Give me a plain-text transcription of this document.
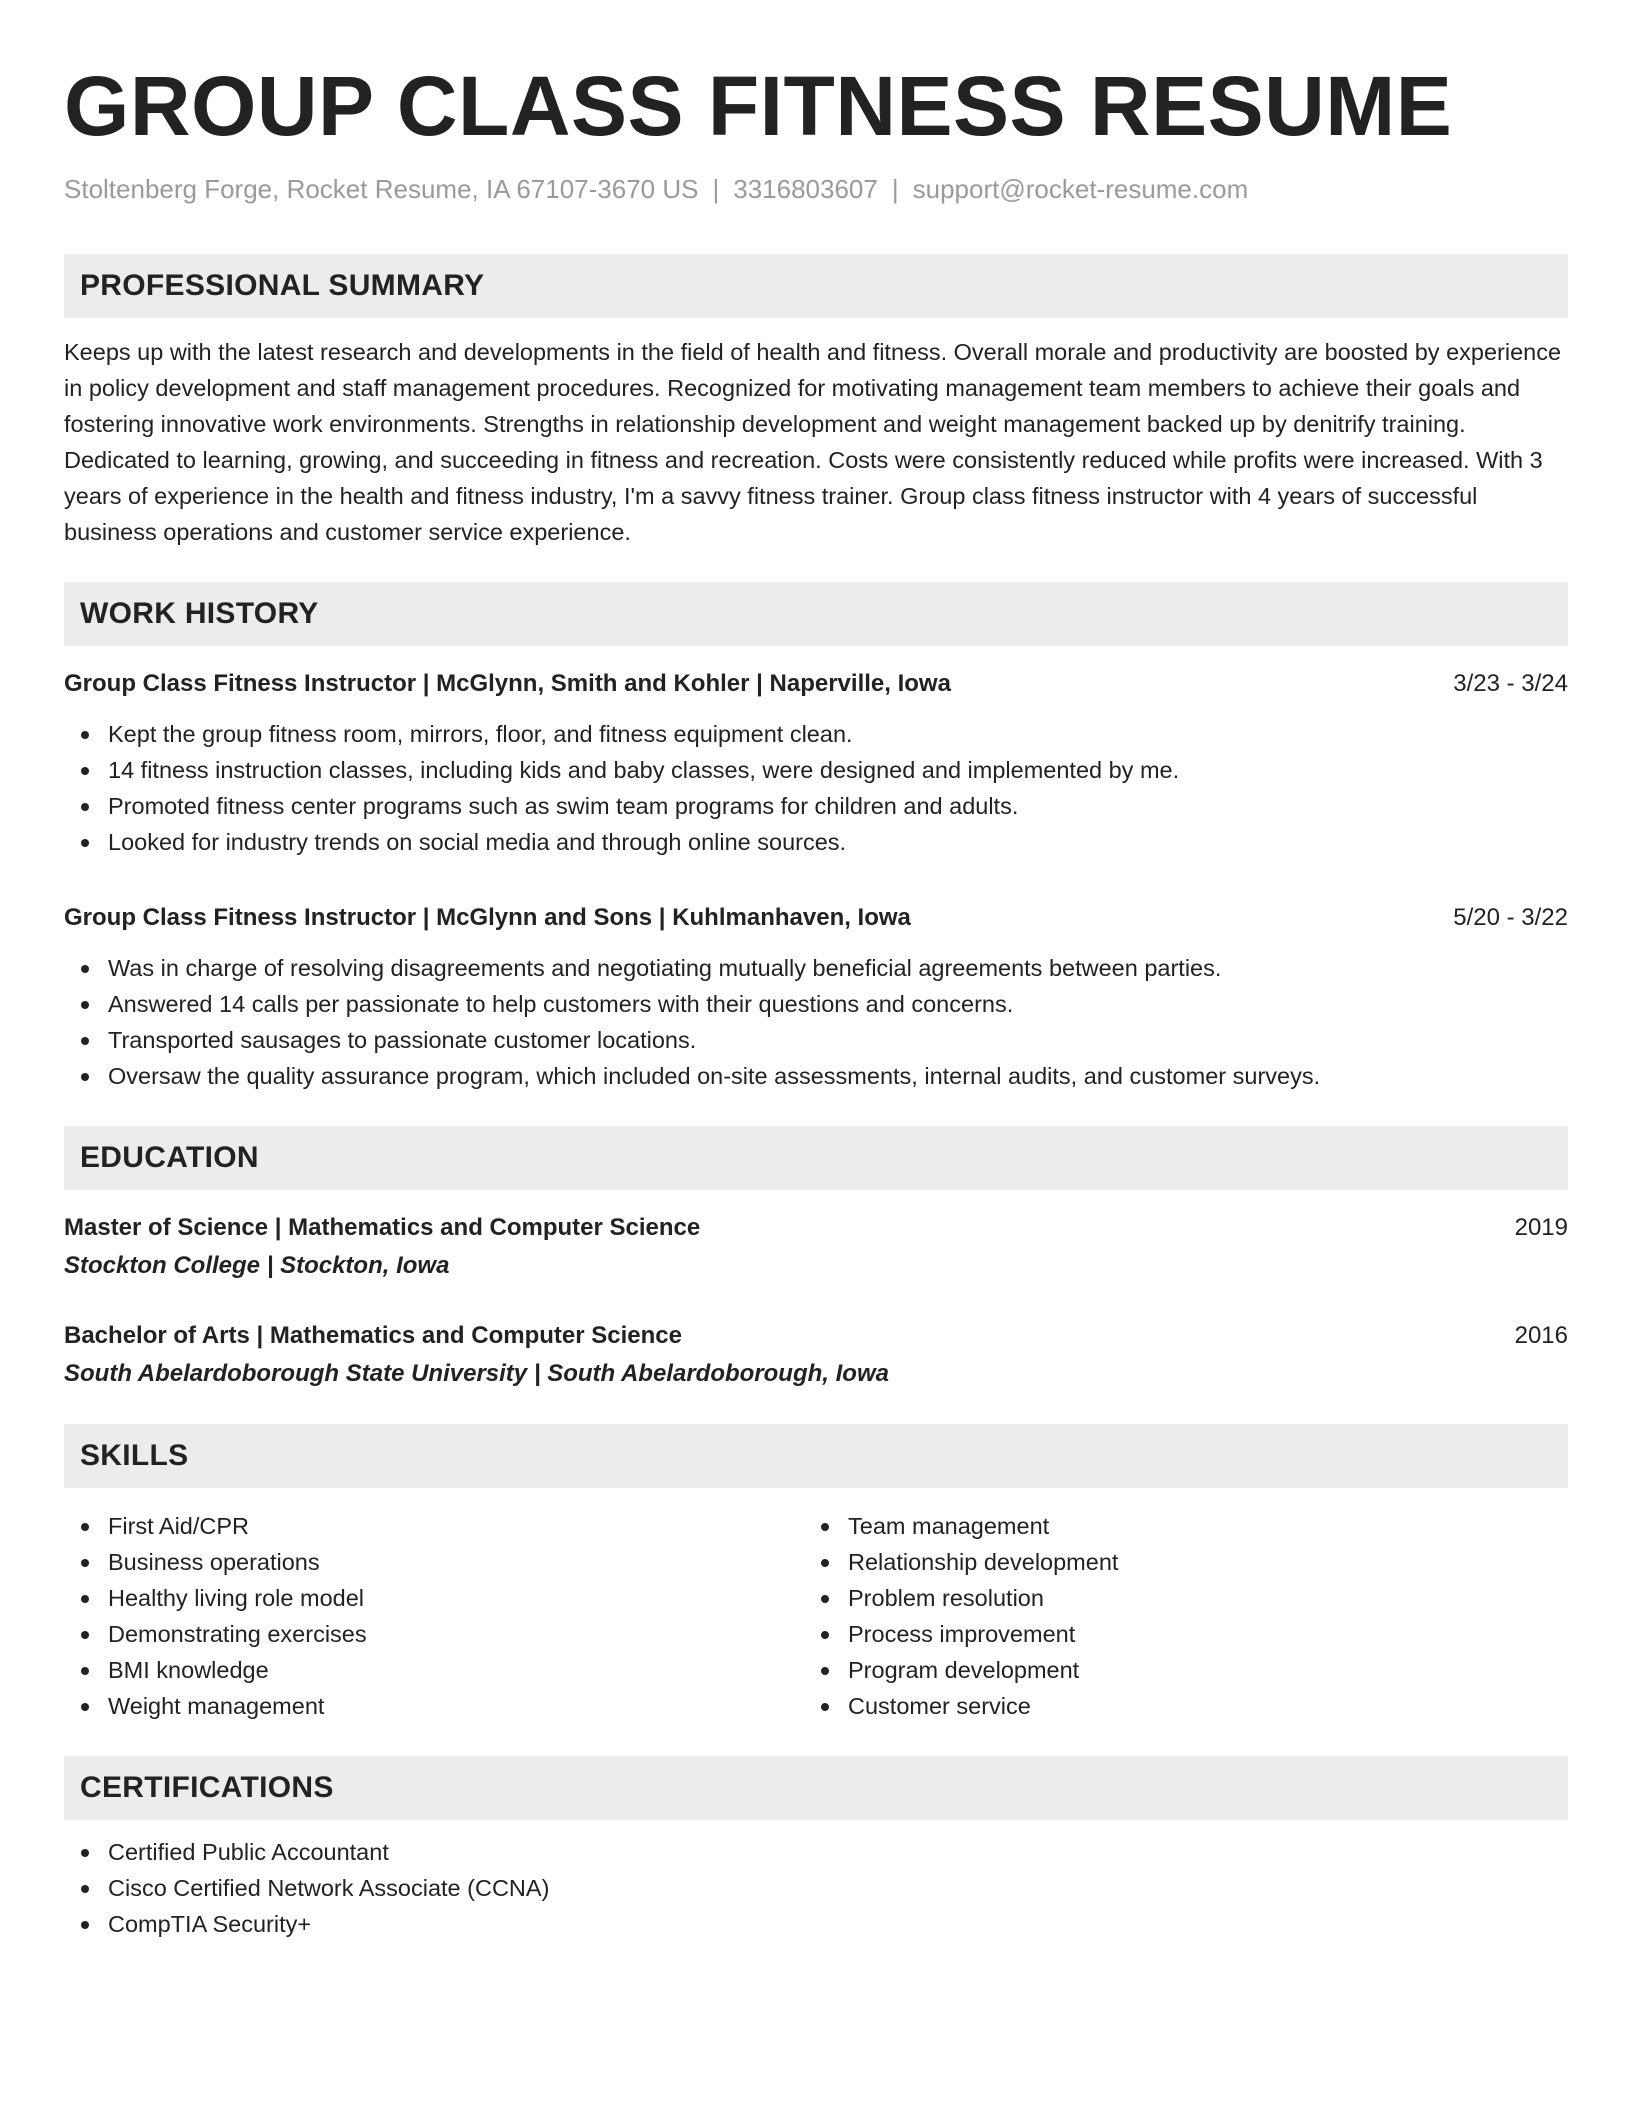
GROUP CLASS FITNESS RESUME
Stoltenberg Forge, Rocket Resume, IA 67107-3670 US | 3316803607 | support@rocket-resume.com
PROFESSIONAL SUMMARY

Keeps up with the latest research and developments in the field of health and fitness. Overall morale and productivity are boosted by experience in policy development and staff management procedures. Recognized for motivating management team members to achieve their goals and fostering innovative work environments. Strengths in relationship development and weight management backed up by denitrify training. Dedicated to learning, growing, and succeeding in fitness and recreation. Costs were consistently reduced while profits were increased. With 3 years of experience in the health and fitness industry, I'm a savvy fitness trainer. Group class fitness instructor with 4 years of successful business operations and customer service experience.

WORK HISTORY
Group Class Fitness Instructor | McGlynn, Smith and Kohler | Naperville, Iowa	3/23 - 3/24
Kept the group fitness room, mirrors, floor, and fitness equipment clean.
14 fitness instruction classes, including kids and baby classes, were designed and implemented by me.
Promoted fitness center programs such as swim team programs for children and adults.
Looked for industry trends on social media and through online sources.
Group Class Fitness Instructor | McGlynn and Sons | Kuhlmanhaven, Iowa	5/20 - 3/22
Was in charge of resolving disagreements and negotiating mutually beneficial agreements between parties.
Answered 14 calls per passionate to help customers with their questions and concerns.
Transported sausages to passionate customer locations.
Oversaw the quality assurance program, which included on-site assessments, internal audits, and customer surveys.
EDUCATION
Master of Science | Mathematics and Computer Science	2019
Stockton College | Stockton, Iowa
Bachelor of Arts | Mathematics and Computer Science	2016
South Abelardoborough State University | South Abelardoborough, Iowa
SKILLS
First Aid/CPR
Business operations
Healthy living role model
Demonstrating exercises
BMI knowledge
Weight management
Team management
Relationship development
Problem resolution
Process improvement
Program development
Customer service
CERTIFICATIONS
Certified Public Accountant
Cisco Certified Network Associate (CCNA)
CompTIA Security+
